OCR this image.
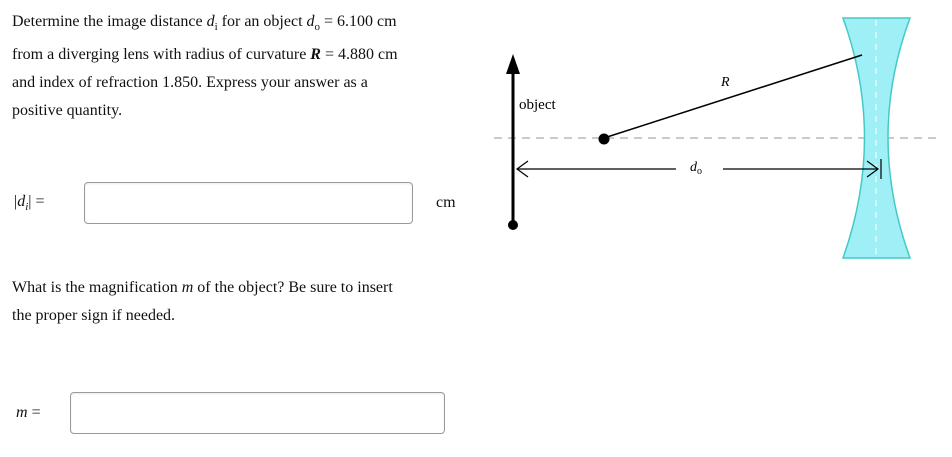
Determine the image distance $d_i$ for an object $d_o = 6.100$ cm
from a diverging lens with radius of curvature R = 4.880 cm
and index of refraction 1.850. Express your answer as a
positive quantity.
$|d_i|$ =	cm
What is the magnification m of the object? Be sure to insert
the proper sign if needed.
m =
object
R
$d_o$
